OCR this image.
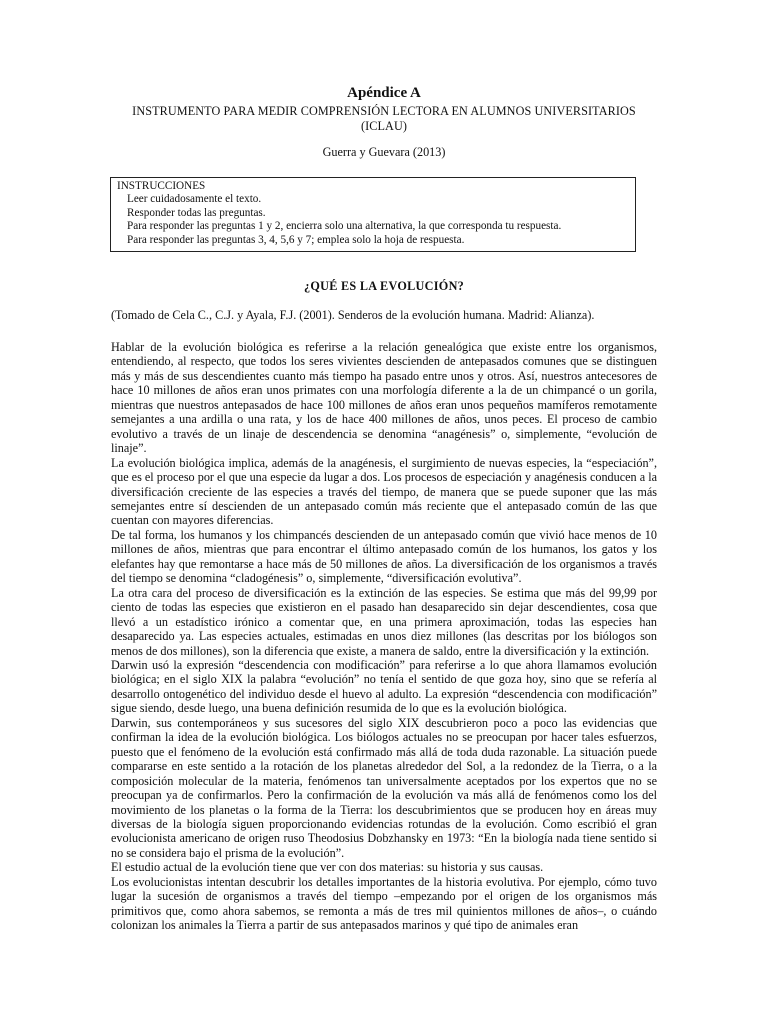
Apéndice A

INSTRUMENTO PARA MEDIR COMPRENSIÓN LECTORA EN ALUMNOS UNIVERSITARIOS
(ICLAU)

Guerra y Guevara (2013)

INSTRUCCIONES

Leer cuidadosamente el texto.
Responder todas las preguntas.
Para responder las preguntas 1 y 2, encierra solo una alternativa, la que corresponda tu respuesta.
Para responder las preguntas 3, 4, 5,6 y 7; emplea solo la hoja de respuesta.
¿QUÉ ES LA EVOLUCIÓN?

(Tomado de Cela C., C.J. y Ayala, F.J. (2001). Senderos de la evolución humana. Madrid: Alianza).

Hablar de la evolución biológica es referirse a la relación genealógica que existe entre los organismos, entendiendo, al respecto, que todos los seres vivientes descienden de antepasados comunes que se distinguen más y más de sus descendientes cuanto más tiempo ha pasado entre unos y otros. Así, nuestros antecesores de hace 10 millones de años eran unos primates con una morfología diferente a la de un chimpancé o un gorila, mientras que nuestros antepasados de hace 100 millones de años eran unos pequeños mamíferos remotamente semejantes a una ardilla o una rata, y los de hace 400 millones de años, unos peces. El proceso de cambio evolutivo a través de un linaje de descendencia se denomina “anagénesis” o, simplemente, “evolución de linaje”.

La evolución biológica implica, además de la anagénesis, el surgimiento de nuevas especies, la “especiación”, que es el proceso por el que una especie da lugar a dos. Los procesos de especiación y anagénesis conducen a la diversificación creciente de las especies a través del tiempo, de manera que se puede suponer que las más semejantes entre sí descienden de un antepasado común más reciente que el antepasado común de las que cuentan con mayores diferencias.

De tal forma, los humanos y los chimpancés descienden de un antepasado común que vivió hace menos de 10 millones de años, mientras que para encontrar el último antepasado común de los humanos, los gatos y los elefantes hay que remontarse a hace más de 50 millones de años. La diversificación de los organismos a través del tiempo se denomina “cladogénesis” o, simplemente, “diversificación evolutiva”.

La otra cara del proceso de diversificación es la extinción de las especies. Se estima que más del 99,99 por ciento de todas las especies que existieron en el pasado han desaparecido sin dejar descendientes, cosa que llevó a un estadístico irónico a comentar que, en una primera aproximación, todas las especies han desaparecido ya. Las especies actuales, estimadas en unos diez millones (las descritas por los biólogos son menos de dos millones), son la diferencia que existe, a manera de saldo, entre la diversificación y la extinción.

Darwin usó la expresión “descendencia con modificación” para referirse a lo que ahora llamamos evolución biológica; en el siglo XIX la palabra “evolución” no tenía el sentido de que goza hoy, sino que se refería al desarrollo ontogenético del individuo desde el huevo al adulto. La expresión “descendencia con modificación” sigue siendo, desde luego, una buena definición resumida de lo que es la evolución biológica.

Darwin, sus contemporáneos y sus sucesores del siglo XIX descubrieron poco a poco las evidencias que confirman la idea de la evolución biológica. Los biólogos actuales no se preocupan por hacer tales esfuerzos, puesto que el fenómeno de la evolución está confirmado más allá de toda duda razonable. La situación puede compararse en este sentido a la rotación de los planetas alrededor del Sol, a la redondez de la Tierra, o a la composición molecular de la materia, fenómenos tan universalmente aceptados por los expertos que no se preocupan ya de confirmarlos. Pero la confirmación de la evolución va más allá de fenómenos como los del movimiento de los planetas o la forma de la Tierra: los descubrimientos que se producen hoy en áreas muy diversas de la biología siguen proporcionando evidencias rotundas de la evolución. Como escribió el gran evolucionista americano de origen ruso Theodosius Dobzhansky en 1973: “En la biología nada tiene sentido si no se considera bajo el prisma de la evolución”.

El estudio actual de la evolución tiene que ver con dos materias: su historia y sus causas.

Los evolucionistas intentan descubrir los detalles importantes de la historia evolutiva. Por ejemplo, cómo tuvo lugar la sucesión de organismos a través del tiempo –empezando por el origen de los organismos más primitivos que, como ahora sabemos, se remonta a más de tres mil quinientos millones de años–, o cuándo colonizan los animales la Tierra a partir de sus antepasados marinos y qué tipo de animales eran
